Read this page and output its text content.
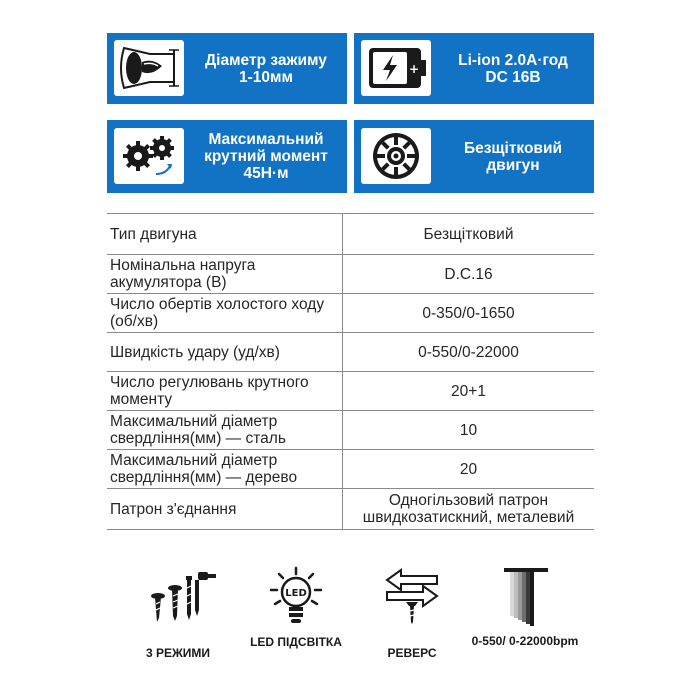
Діаметр зажиму
1-10мм	+
Li-ion 2.0A·год
DC 16В
Максимальний
крутний момент
45Н·м
Безщітковий
двигун
Тип двигуна	Безщітковий
Номінальна напруга акумулятора (В)	D.C.16
Число обертів холостого ходу (об/хв)	0-350/0-1650
Швидкість удару (уд/хв)	0-550/0-22000
Число регулювань крутного моменту	20+1
Максимальний діаметр свердління(мм) — сталь	10
Максимальний діаметр свердління(мм) — дерево	20
Патрон з'єднання	Одногільзовий патрон швидкозатискний, металевий
3 РЕЖИМИ
LED
LED ПІДСВІТКА
РЕВЕРС
0-550/ 0-22000bpm
